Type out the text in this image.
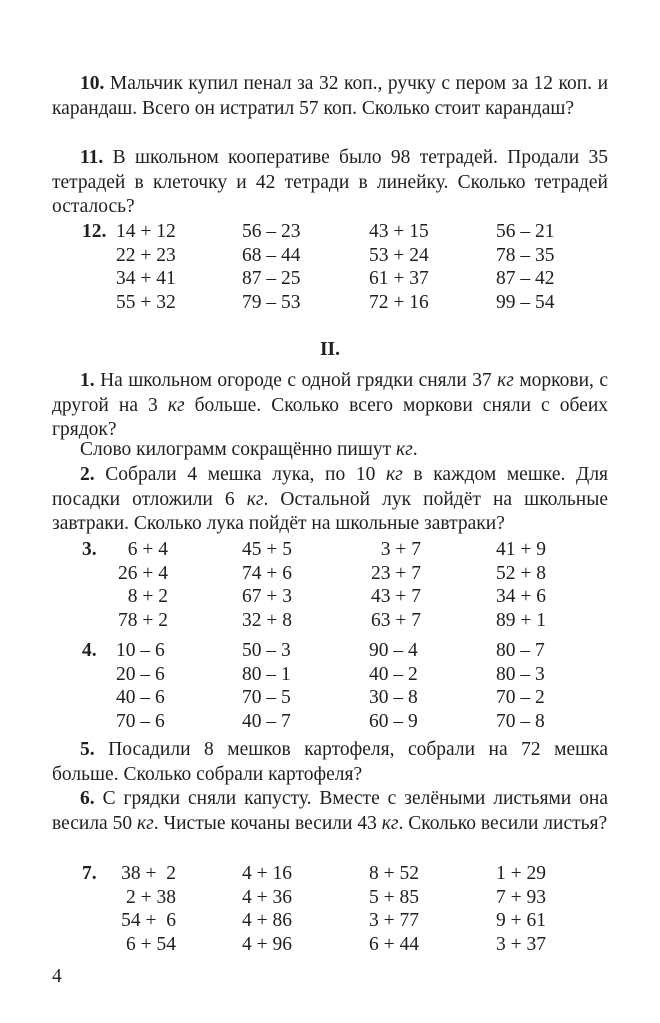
10. Мальчик купил пенал за 32 коп., ручку с пером за 12 коп. и карандаш. Всего он истратил 57 коп. Сколько стоит карандаш?

11. В школьном кооперативе было 98 тетрадей. Продали 35 тетрадей в клеточку и 42 тетради в линейку. Сколько тетрадей осталось?

12. 14 + 12
22 + 23
34 + 41
55 + 32
56 – 23
68 – 44
87 – 25
79 – 53
43 + 15
53 + 24
61 + 37
72 + 16
56 – 21
78 – 35
87 – 42
99 – 54
II.

1. На школьном огороде с одной грядки сняли 37 кг моркови, с другой на 3 кг больше. Сколько всего моркови сняли с обеих грядок?

Слово килограмм сокращённо пишут кг.

2. Собрали 4 мешка лука, по 10 кг в каждом мешке. Для посадки отложили 6 кг. Остальной лук пойдёт на школьные завтраки. Сколько лука пойдёт на школьные завтраки?

3.	6 + 4
26 + 4
8 + 2
78 + 2
45 + 5
74 + 6
67 + 3
32 + 8
3 + 7
23 + 7
43 + 7
63 + 7
41 + 9
52 + 8
34 + 6
89 + 1
4. 10 – 6
20 – 6
40 – 6
70 – 6
50 – 3
80 – 1
70 – 5
40 – 7
90 – 4
40 – 2
30 – 8
60 – 9
80 – 7
80 – 3
70 – 2
70 – 8

5. Посадили 8 мешков картофеля, собрали на 72 мешка больше. Сколько собрали картофеля?

6. С грядки сняли капусту. Вместе с зелёными листьями она весила 50 кг. Чистые кочаны весили 43 кг. Сколько весили листья?

7.	38 +  2
2 + 38
54 +  6
6 + 54
4 + 16
4 + 36
4 + 86
4 + 96
8 + 52
5 + 85
3 + 77
6 + 44
1 + 29
7 + 93
9 + 61
3 + 37
4
